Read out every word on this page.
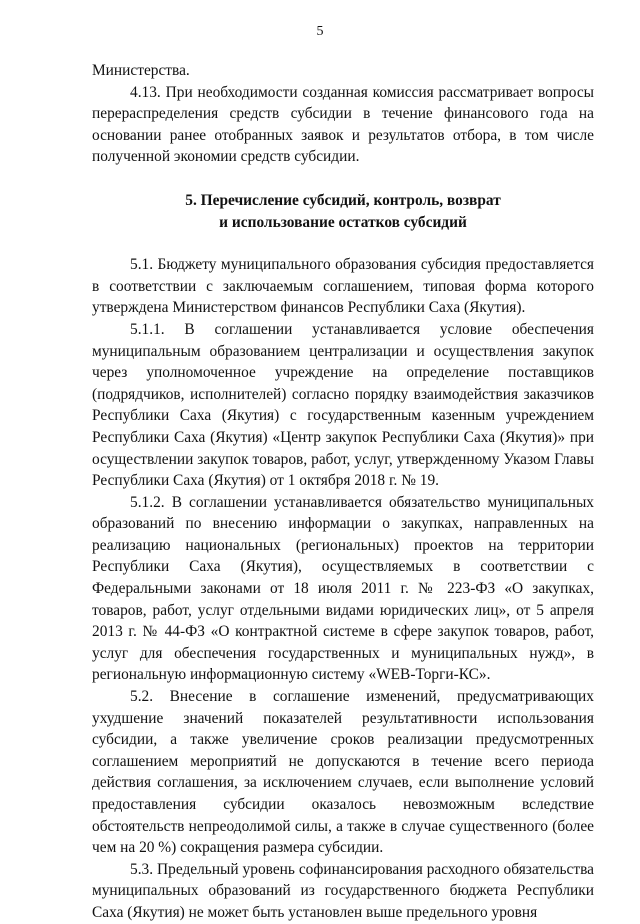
5

Министерства.

4.13. При необходимости созданная комиссия рассматривает вопросы перераспределения средств субсидии в течение финансового года на основании ранее отобранных заявок и результатов отбора, в том числе полученной экономии средств субсидии.

5. Перечисление субсидий, контроль, возврат
и использование остатков субсидий

5.1. Бюджету муниципального образования субсидия предоставляется в соответствии с заключаемым соглашением, типовая форма которого утверждена Министерством финансов Республики Саха (Якутия).

5.1.1. В соглашении устанавливается условие обеспечения муниципальным образованием централизации и осуществления закупок через уполномоченное учреждение на определение поставщиков (подрядчиков, исполнителей) согласно порядку взаимодействия заказчиков Республики Саха (Якутия) с государственным казенным учреждением Республики Саха (Якутия) «Центр закупок Республики Саха (Якутия)» при осуществлении закупок товаров, работ, услуг, утвержденному Указом Главы Республики Саха (Якутия) от 1 октября 2018 г. № 19.

5.1.2. В соглашении устанавливается обязательство муниципальных образований по внесению информации о закупках, направленных на реализацию национальных (региональных) проектов на территории Республики Саха (Якутия), осуществляемых в соответствии с Федеральными законами от 18 июля 2011 г. № 223-ФЗ «О закупках, товаров, работ, услуг отдельными видами юридических лиц», от 5 апреля 2013 г. № 44-ФЗ «О контрактной системе в сфере закупок товаров, работ, услуг для обеспечения государственных и муниципальных нужд», в региональную информационную систему «WEB-Торги-КС».

5.2. Внесение в соглашение изменений, предусматривающих ухудшение значений показателей результативности использования субсидии, а также увеличение сроков реализации предусмотренных соглашением мероприятий не допускаются в течение всего периода действия соглашения, за исключением случаев, если выполнение условий предоставления субсидии оказалось невозможным вследствие обстоятельств непреодолимой силы, а также в случае существенного (более чем на 20 %) сокращения размера субсидии.

5.3. Предельный уровень софинансирования расходного обязательства муниципальных образований из государственного бюджета Республики Саха (Якутия) не может быть установлен выше предельного уровня
